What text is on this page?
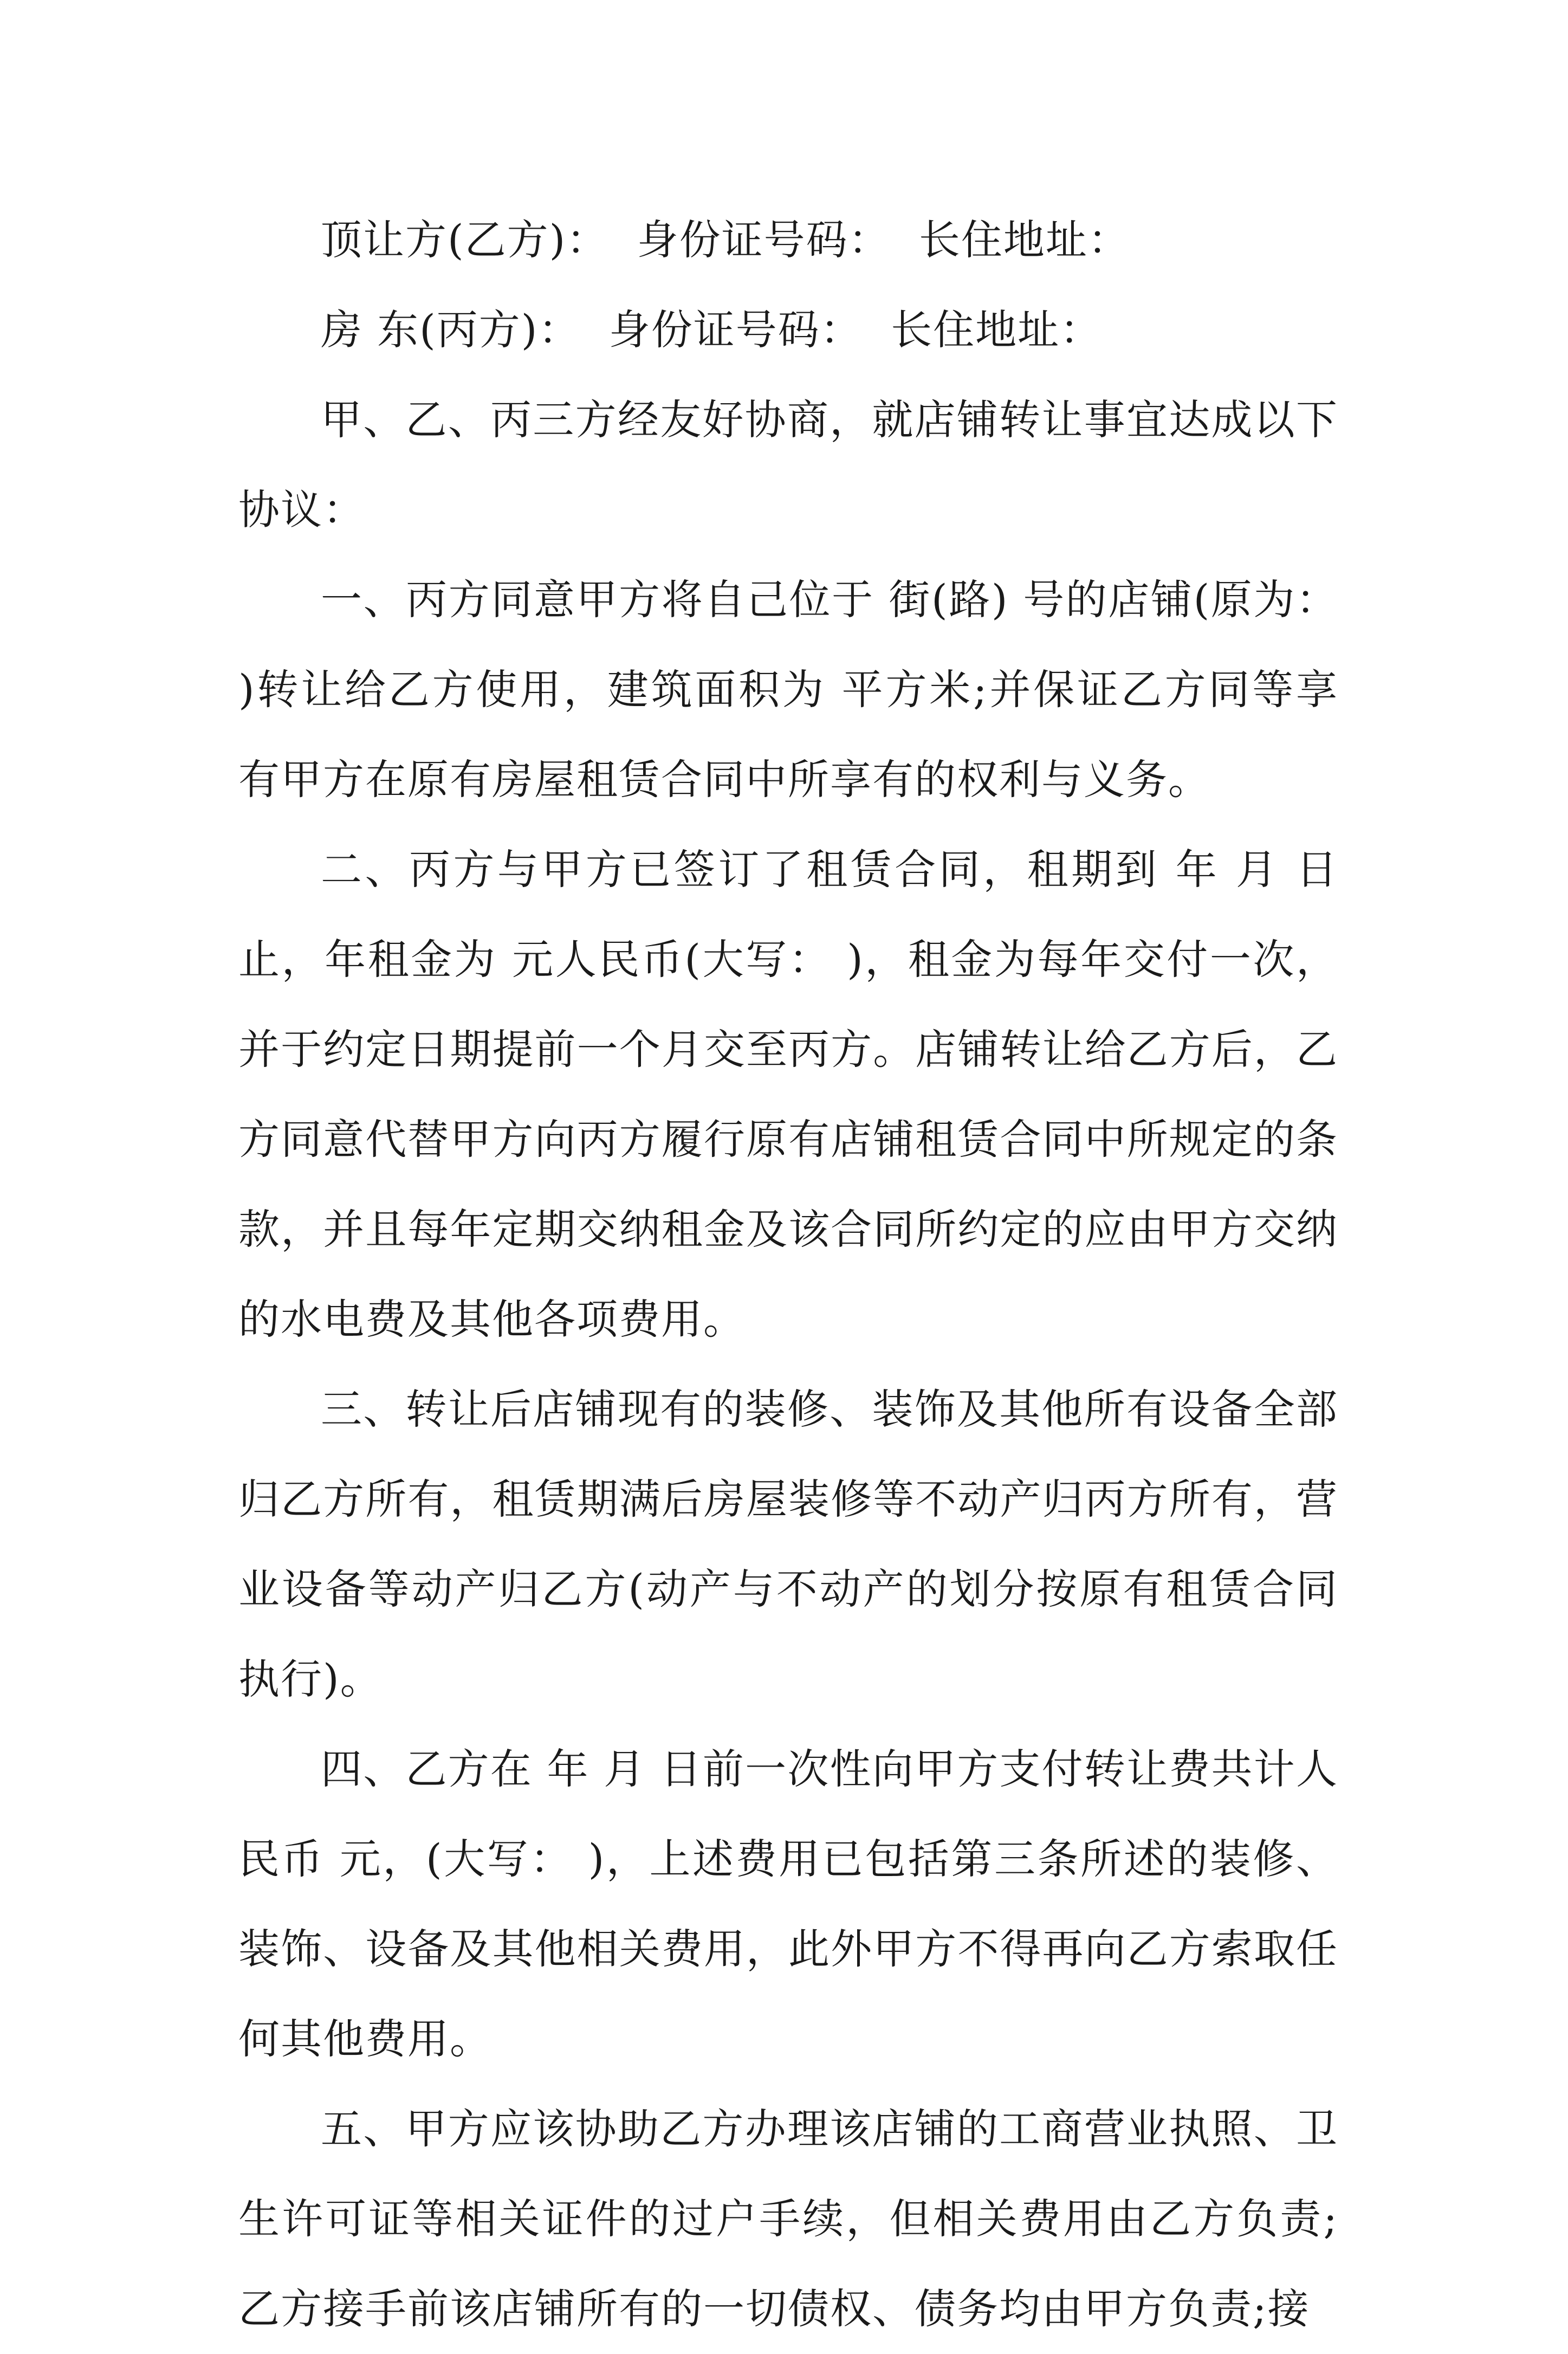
顶让方(乙方)：  身份证号码：  长住地址：

房 东(丙方)：  身份证号码：  长住地址：

甲、乙、丙三方经友好协商，就店铺转让事宜达成以下协议：

一、丙方同意甲方将自己位于 街(路) 号的店铺(原为： )转让给乙方使用，建筑面积为 平方米;并保证乙方同等享有甲方在原有房屋租赁合同中所享有的权利与义务。

二、丙方与甲方已签订了租赁合同，租期到 年 月 日止，年租金为 元人民币(大写： )，租金为每年交付一次，并于约定日期提前一个月交至丙方。店铺转让给乙方后，乙方同意代替甲方向丙方履行原有店铺租赁合同中所规定的条款，并且每年定期交纳租金及该合同所约定的应由甲方交纳的水电费及其他各项费用。

三、转让后店铺现有的装修、装饰及其他所有设备全部归乙方所有，租赁期满后房屋装修等不动产归丙方所有，营业设备等动产归乙方(动产与不动产的划分按原有租赁合同执行)。

四、乙方在 年 月 日前一次性向甲方支付转让费共计人民币 元，(大写： )，上述费用已包括第三条所述的装修、装饰、设备及其他相关费用，此外甲方不得再向乙方索取任何其他费用。

五、甲方应该协助乙方办理该店铺的工商营业执照、卫生许可证等相关证件的过户手续，但相关费用由乙方负责;乙方接手前该店铺所有的一切债权、债务均由甲方负责;接
